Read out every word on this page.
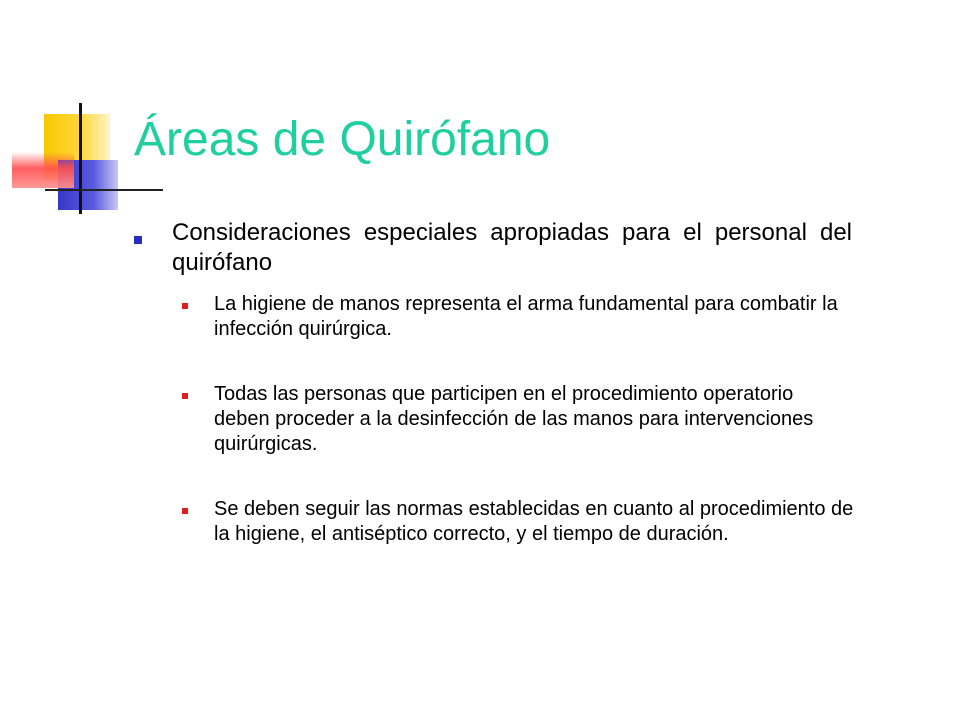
Áreas de Quirófano

Consideraciones especiales apropiadas para el personal del quirófano

La higiene de manos representa el arma fundamental para combatir la infección quirúrgica.

Todas las personas que participen en el procedimiento operatorio deben proceder a la desinfección de las manos para intervenciones quirúrgicas.

Se deben seguir las normas establecidas en cuanto al procedimiento de la higiene, el antiséptico correcto, y el tiempo de duración.
